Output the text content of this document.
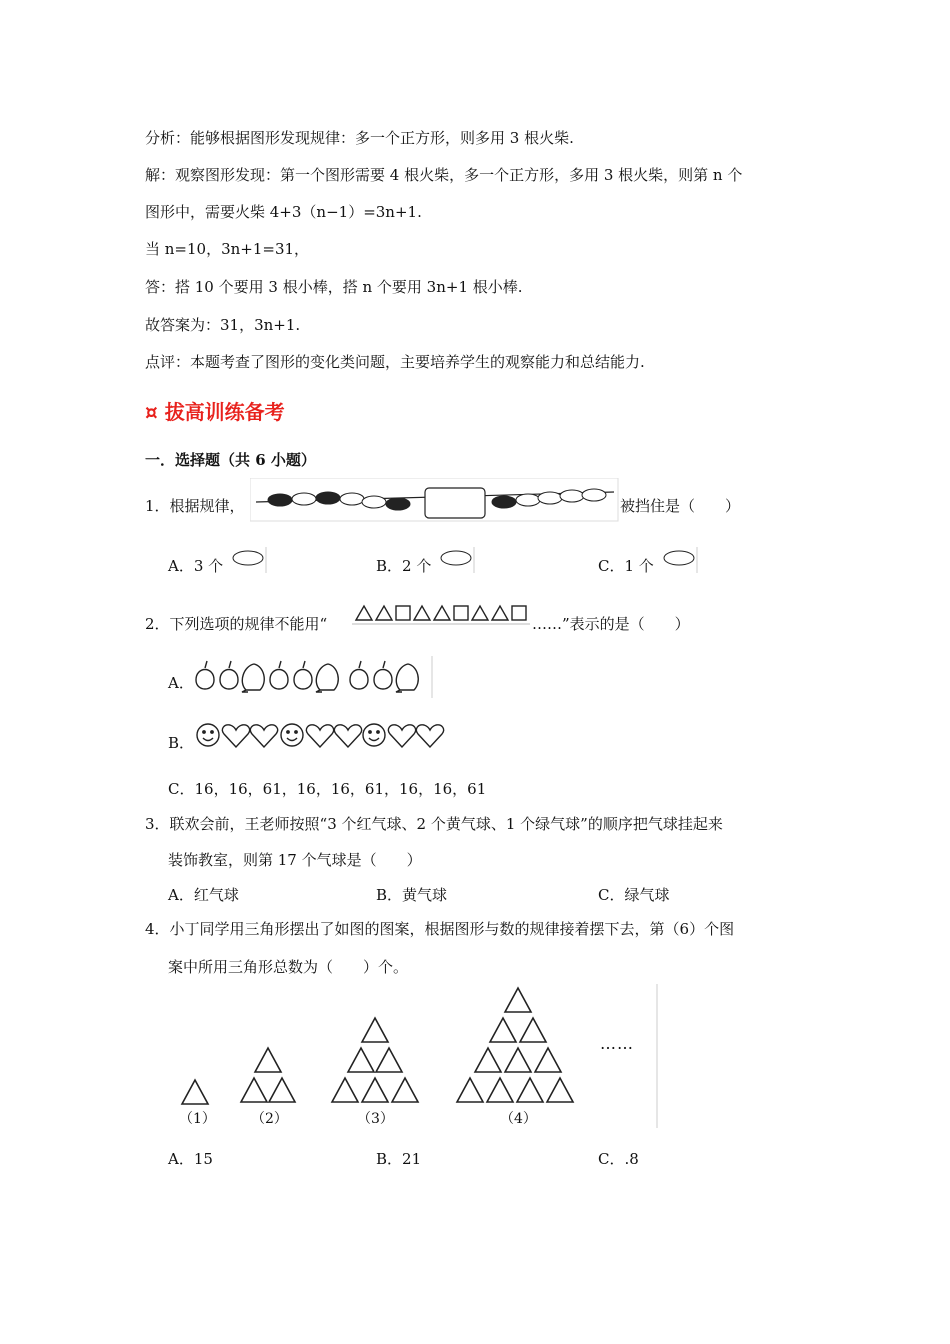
分析：能够根据图形发现规律：多一个正方形，则多用 3 根火柴.
解：观察图形发现：第一个图形需要 4 根火柴，多一个正方形，多用 3 根火柴，则第 n 个
图形中，需要火柴 4+3（n−1）=3n+1.
当 n=10，3n+1=31，
答：搭 10 个要用 3 根小棒，搭 n 个要用 3n+1 根小棒.
故答案为：31，3n+1.
点评：本题考查了图形的变化类问题，主要培养学生的观察能力和总结能力.
¤ 拔高训练备考
一．选择题（共 6 小题）
1．根据规律，	被挡住是（　　）
A．3 个	B．2 个	C．1 个
2．下列选项的规律不能用“	……”表示的是（　　）
A．
B．
C．16，16，61，16，16，61，16，16，61
3．联欢会前，王老师按照“3 个红气球、2 个黄气球、1 个绿气球”的顺序把气球挂起来
装饰教室，则第 17 个气球是（　　）
A．红气球	B．黄气球	C．绿气球
4．小丁同学用三角形摆出了如图的图案，根据图形与数的规律接着摆下去，第（6）个图
案中所用三角形总数为（　　）个。
（1）	（2）	（3）	（4）
……
A．15	B．21	C．.8
